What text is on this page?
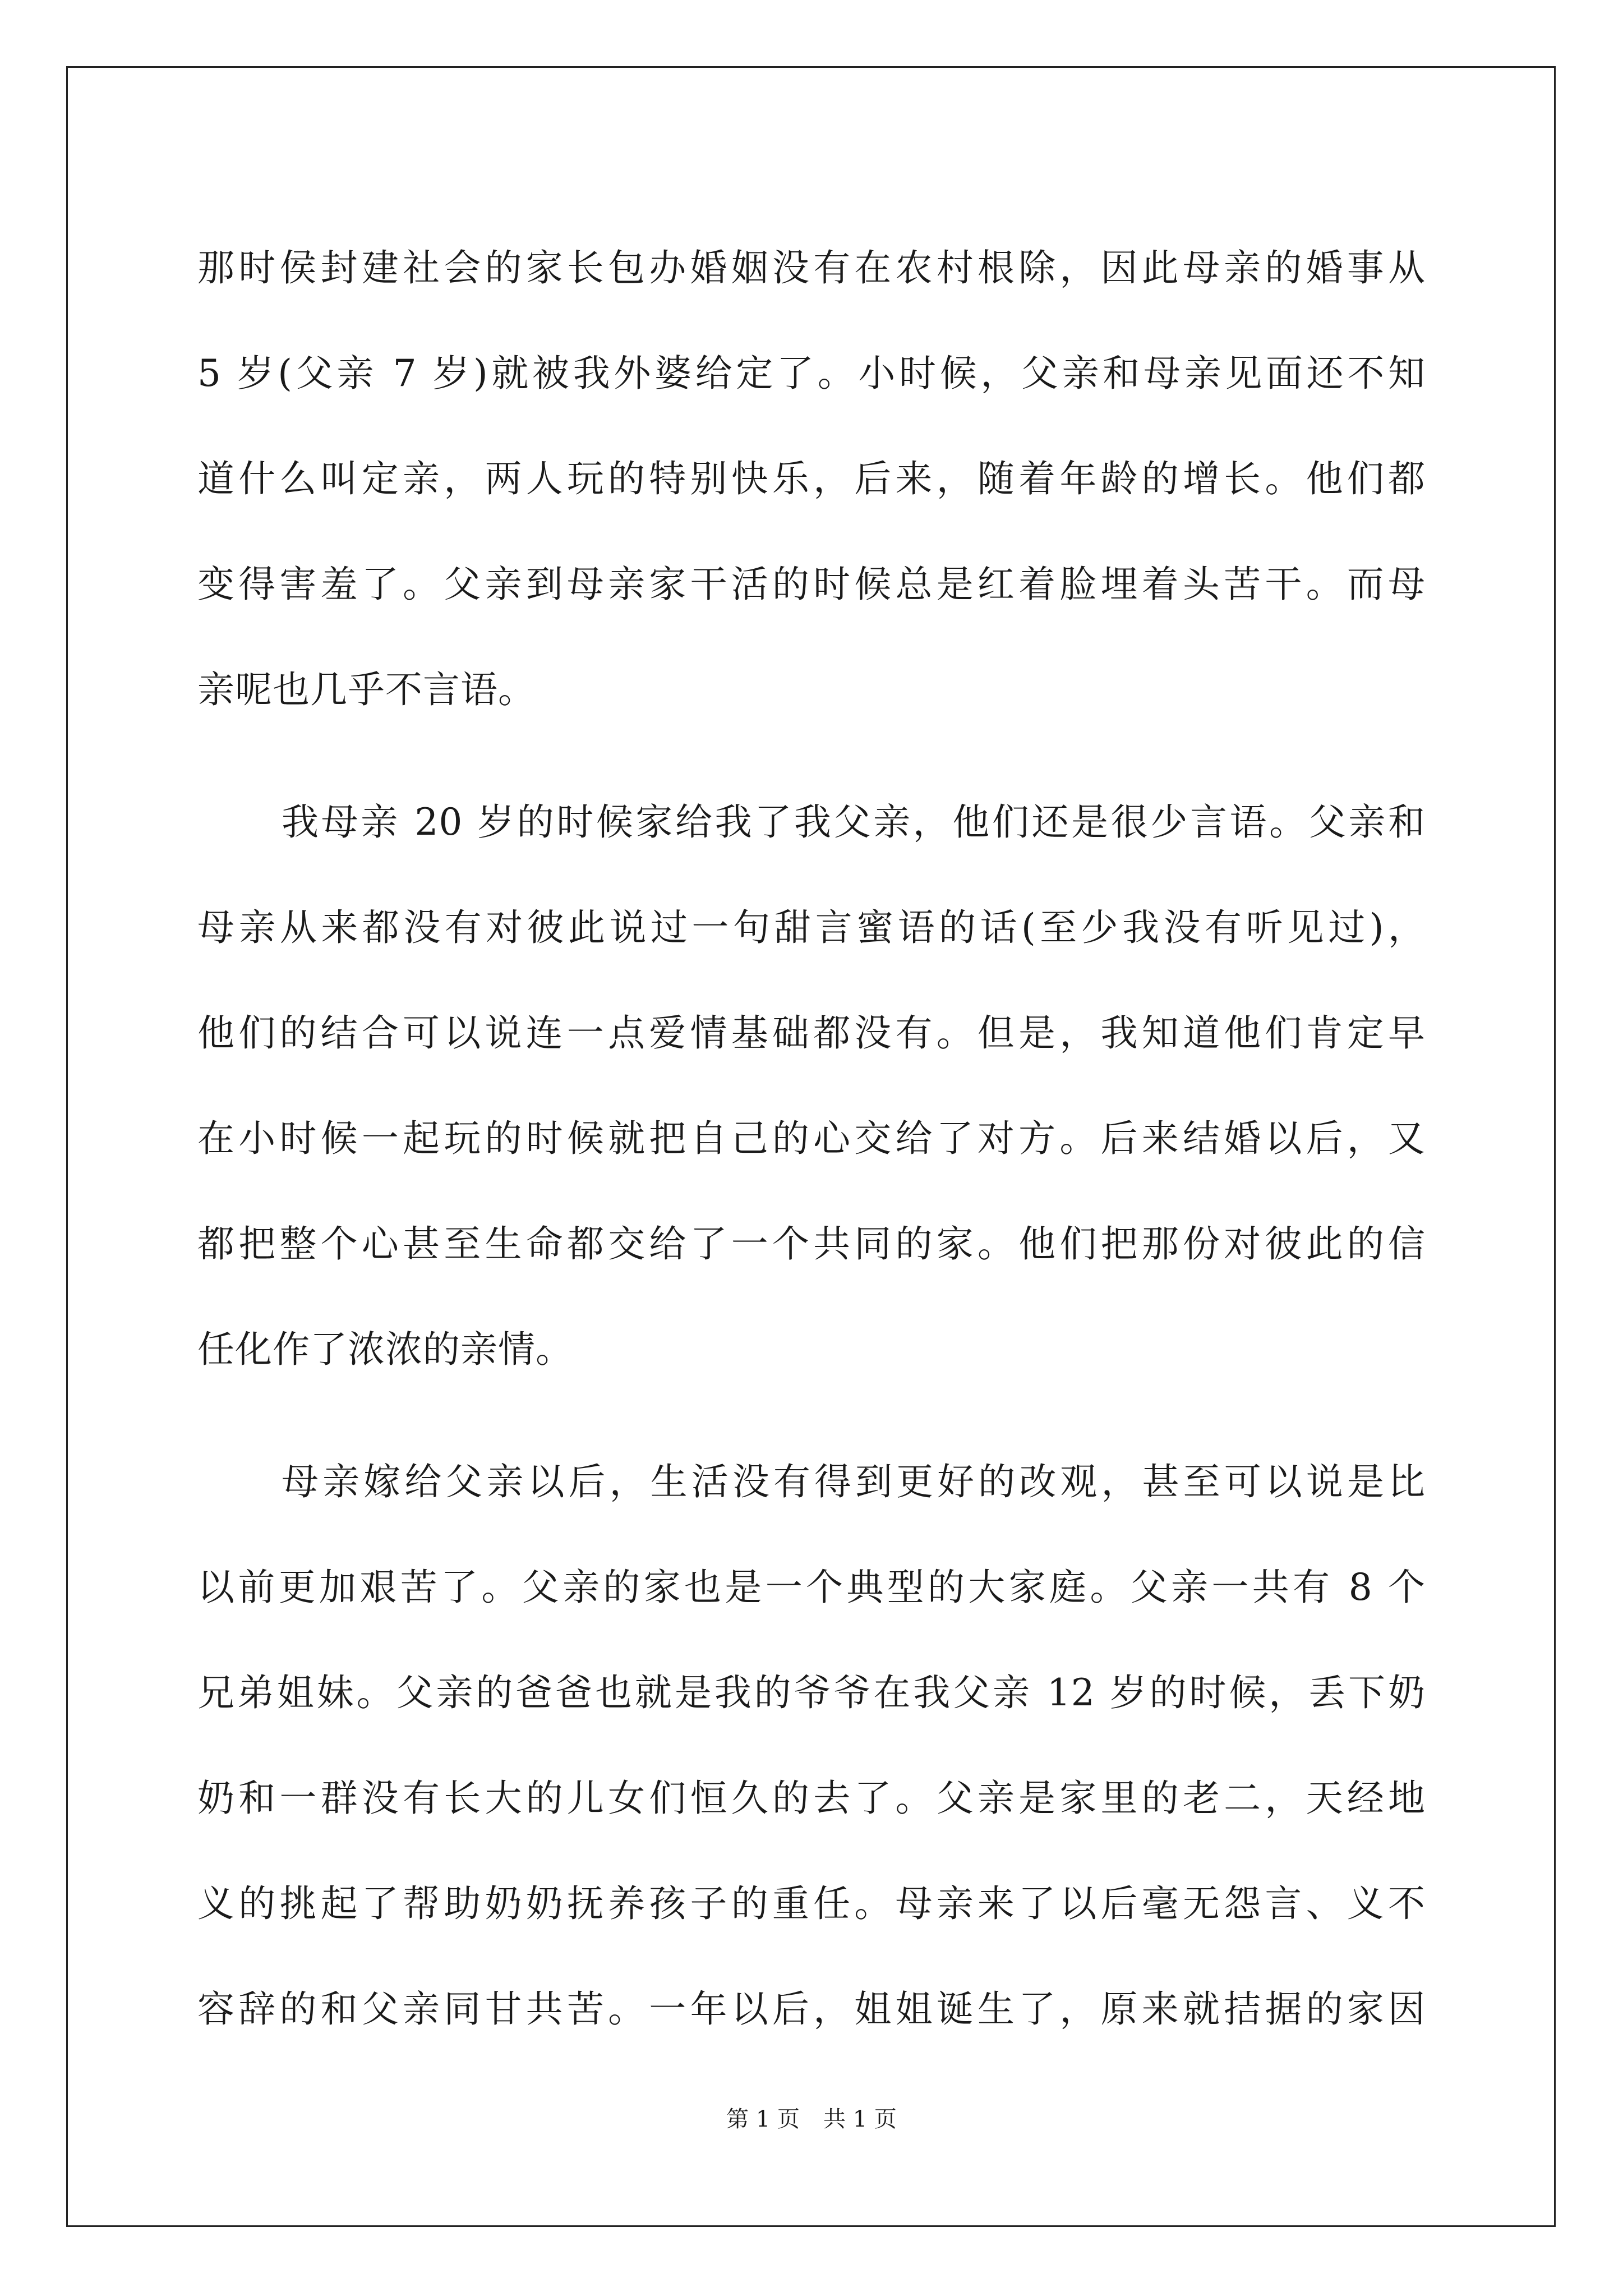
那时侯封建社会的家长包办婚姻没有在农村根除，因此母亲的婚事从
5 岁(父亲 7 岁)就被我外婆给定了。小时候，父亲和母亲见面还不知
道什么叫定亲，两人玩的特别快乐，后来，随着年龄的增长。他们都
变得害羞了。父亲到母亲家干活的时候总是红着脸埋着头苦干。而母
亲呢也几乎不言语。
我母亲 20 岁的时候家给我了我父亲，他们还是很少言语。父亲和
母亲从来都没有对彼此说过一句甜言蜜语的话(至少我没有听见过)，
他们的结合可以说连一点爱情基础都没有。但是，我知道他们肯定早
在小时候一起玩的时候就把自己的心交给了对方。后来结婚以后，又
都把整个心甚至生命都交给了一个共同的家。他们把那份对彼此的信
任化作了浓浓的亲情。
母亲嫁给父亲以后，生活没有得到更好的改观，甚至可以说是比
以前更加艰苦了。父亲的家也是一个典型的大家庭。父亲一共有 8 个
兄弟姐妹。父亲的爸爸也就是我的爷爷在我父亲 12 岁的时候，丢下奶
奶和一群没有长大的儿女们恒久的去了。父亲是家里的老二，天经地
义的挑起了帮助奶奶抚养孩子的重任。母亲来了以后毫无怨言、义不
容辞的和父亲同甘共苦。一年以后，姐姐诞生了，原来就拮据的家因
第 1 页 共 1 页
